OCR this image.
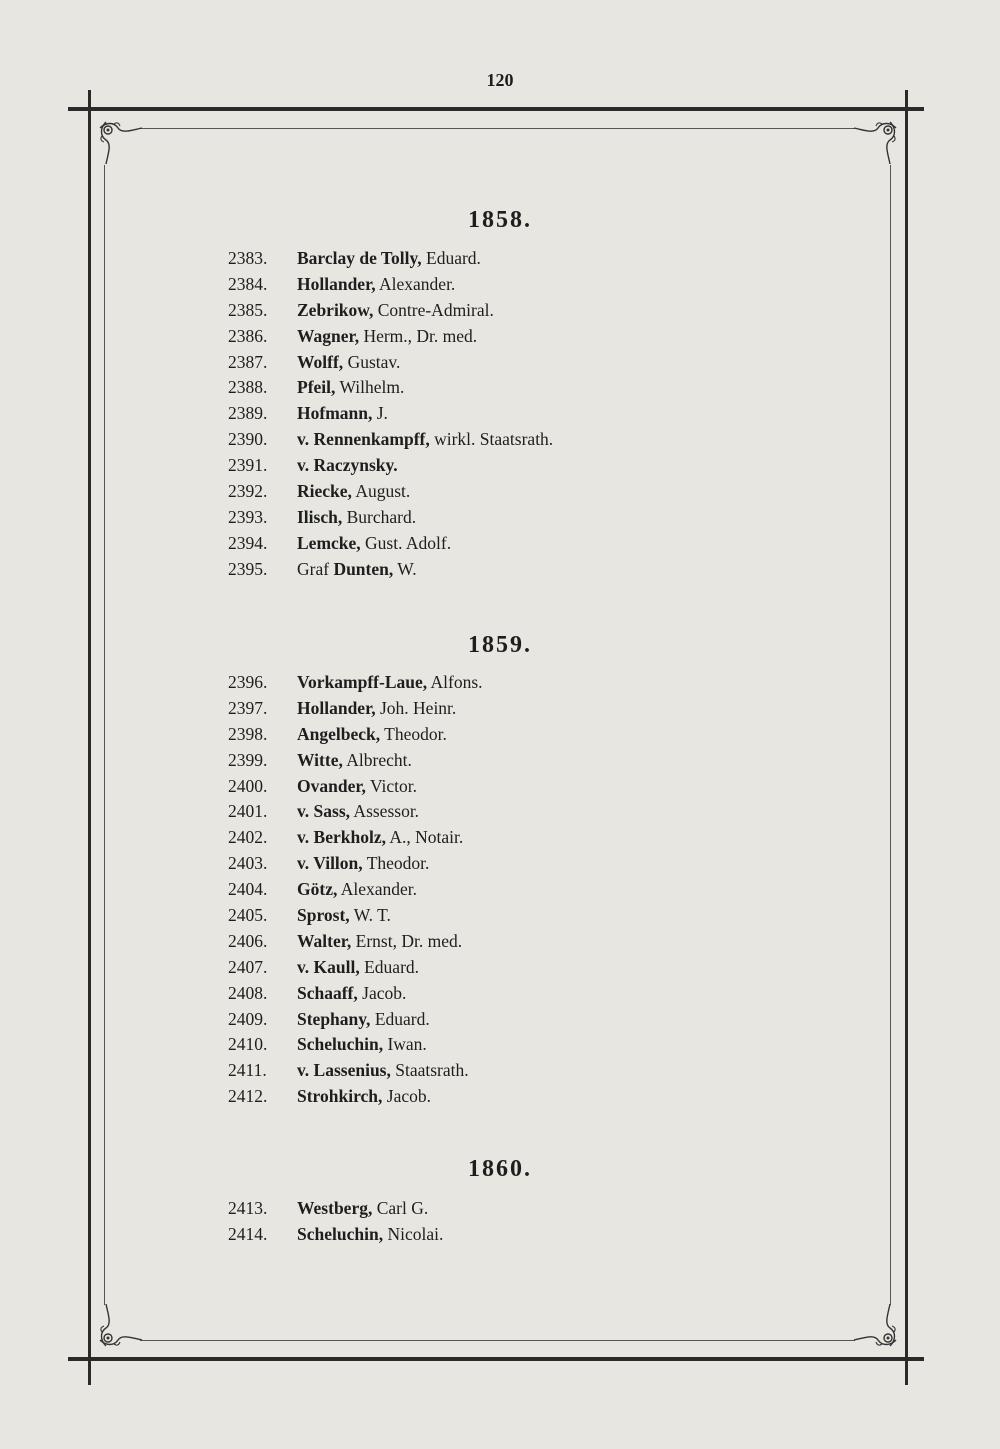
120
1858.
2383. Barclay de Tolly, Eduard.
2384. Hollander, Alexander.
2385. Zebrikow, Contre-Admiral.
2386. Wagner, Herm., Dr. med.
2387. Wolff, Gustav.
2388. Pfeil, Wilhelm.
2389. Hofmann, J.
2390. v. Rennenkampff, wirkl. Staatsrath.
2391. v. Raczynsky.
2392. Riecke, August.
2393. Ilisch, Burchard.
2394. Lemcke, Gust. Adolf.
2395. Graf Dunten, W.
1859.
2396. Vorkampff-Laue, Alfons.
2397. Hollander, Joh. Heinr.
2398. Angelbeck, Theodor.
2399. Witte, Albrecht.
2400. Ovander, Victor.
2401. v. Sass, Assessor.
2402. v. Berkholz, A., Notair.
2403. v. Villon, Theodor.
2404. Götz, Alexander.
2405. Sprost, W. T.
2406. Walter, Ernst, Dr. med.
2407. v. Kaull, Eduard.
2408. Schaaff, Jacob.
2409. Stephany, Eduard.
2410. Scheluchin, Iwan.
2411. v. Lassenius, Staatsrath.
2412. Strohkirch, Jacob.
1860.
2413. Westberg, Carl G.
2414. Scheluchin, Nicolai.
